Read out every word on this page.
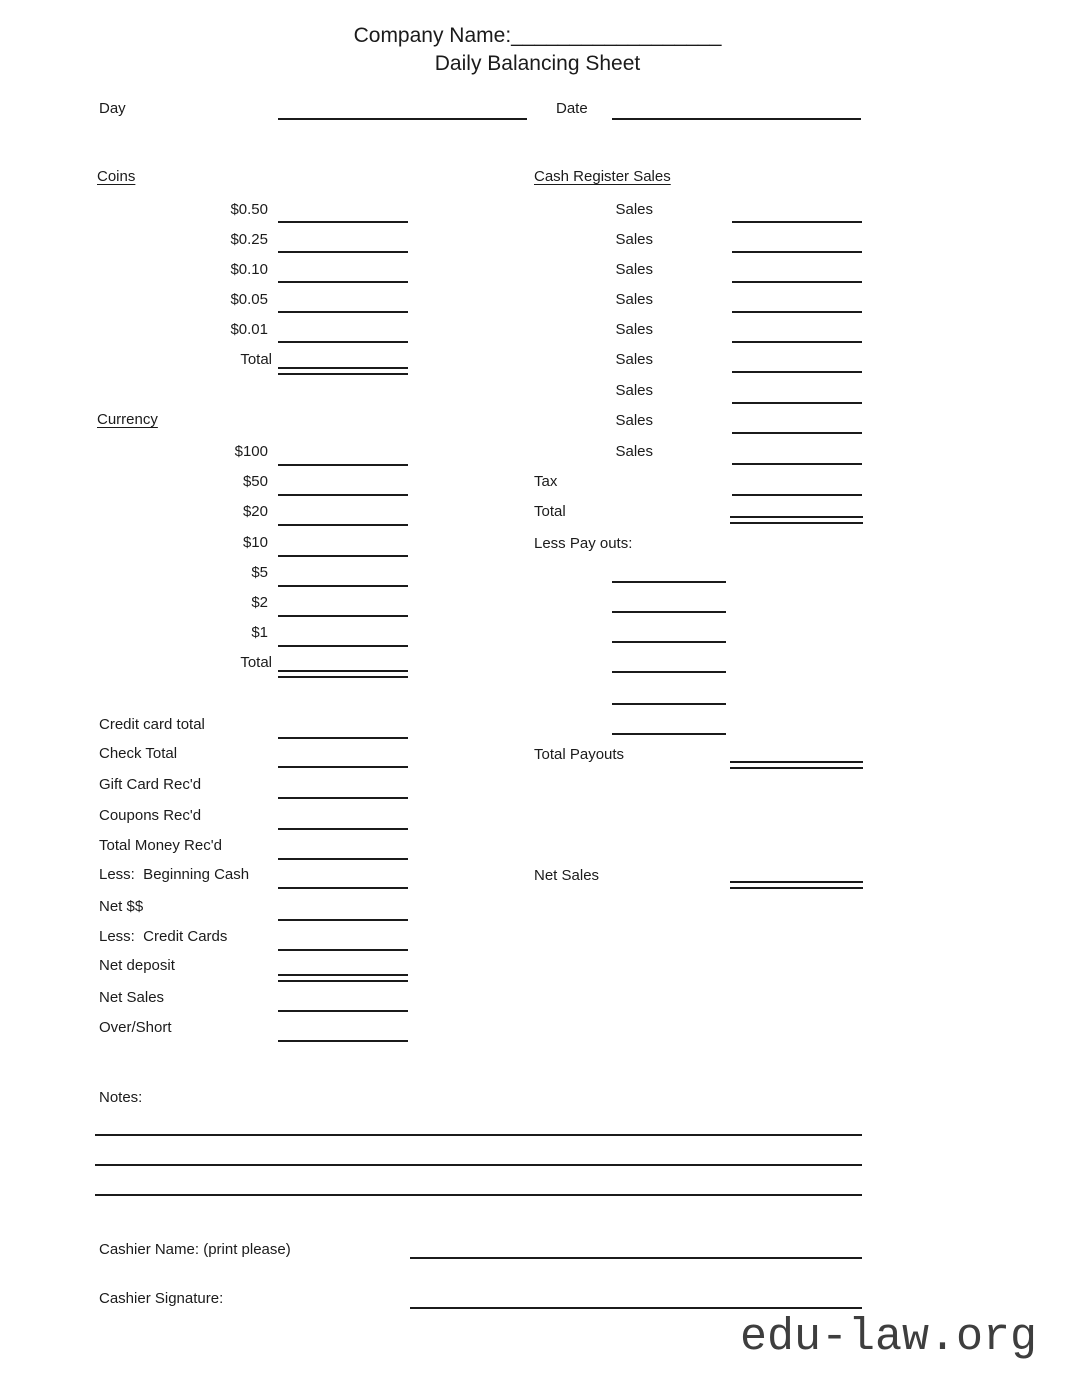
Company Name:__________________
Daily Balancing Sheet
Day	Date
Coins
$0.50
$0.25
$0.10
$0.05
$0.01
Total
Currency
$100
$50
$20
$10
$5
$2
$1
Total
Credit card total
Check Total
Gift Card Rec'd
Coupons Rec'd
Total Money Rec'd
Less:  Beginning Cash
Net $$
Less:  Credit Cards
Net deposit
Net Sales
Over/Short
Cash Register Sales
Sales
Sales
Sales
Sales
Sales
Sales
Sales
Sales
Sales
Tax
Total
Less Pay outs:
Total Payouts
Net Sales
Notes:
Cashier Name: (print please)
Cashier Signature:
edu-law.org
